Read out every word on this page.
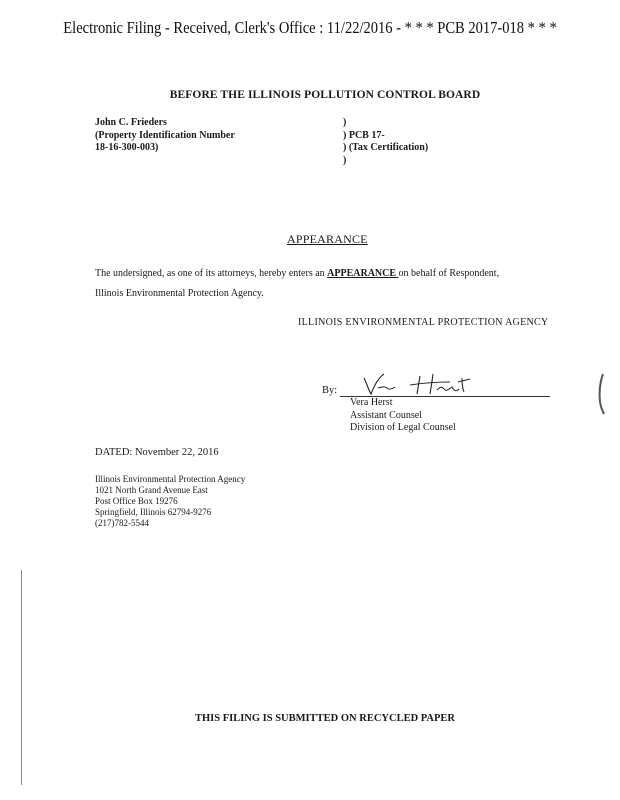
Electronic Filing - Received, Clerk's Office : 11/22/2016 - * * * PCB 2017-018 * * *
BEFORE THE ILLINOIS POLLUTION CONTROL BOARD
John C. Frieders
(Property Identification Number
18-16-300-003)
)
) PCB 17-
) (Tax Certification)
)
APPEARANCE
The undersigned, as one of its attorneys, hereby enters an APPEARANCE on behalf of Respondent,
Illinois Environmental Protection Agency.
ILLINOIS ENVIRONMENTAL PROTECTION AGENCY
By:
Vera Herst
Assistant Counsel
Division of Legal Counsel
DATED: November 22, 2016
Illinois Environmental Protection Agency
1021 North Grand Avenue East
Post Office Box 19276
Springfield, Illinois 62794-9276
(217)782-5544
THIS FILING IS SUBMITTED ON RECYCLED PAPER
